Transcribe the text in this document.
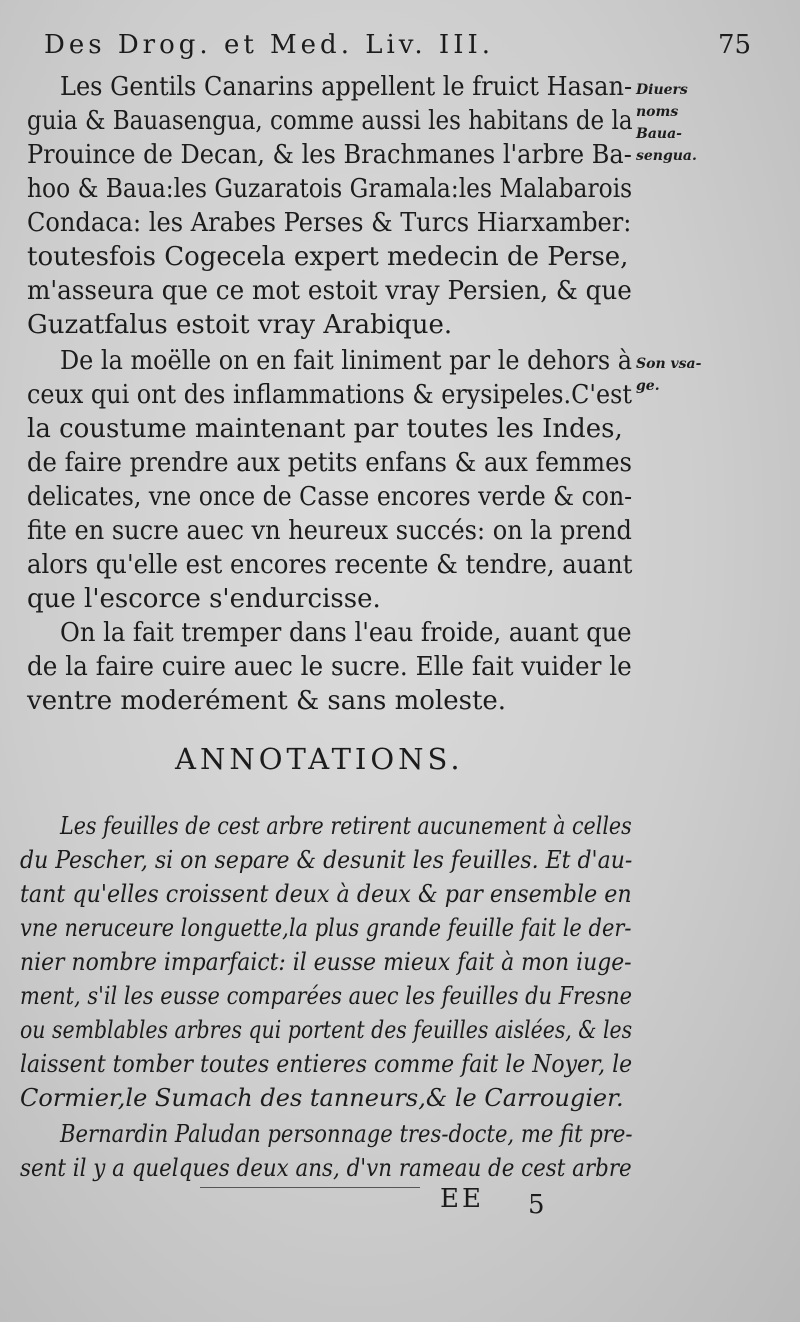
Des Drog. et Med. Liv. III.	75
Les Gentils Canarins appellent le fruict Hasan-
guia & Bauasengua, comme aussi les habitans de la
Prouince de Decan, & les Brachmanes l'arbre Ba-
hoo & Baua:les Guzaratois Gramala:les Malabarois
Condaca: les Arabes Perses & Turcs Hiarxamber:
toutesfois Cogecela expert medecin de Perse,
m'asseura que ce mot estoit vray Persien, & que
Guzatfalus estoit vray Arabique.
De la moëlle on en fait liniment par le dehors à
ceux qui ont des inflammations & erysipeles.C'est
la coustume maintenant par toutes les Indes,
de faire prendre aux petits enfans & aux femmes
delicates, vne once de Casse encores verde & con-
fite en sucre auec vn heureux succés: on la prend
alors qu'elle est encores recente & tendre, auant
que l'escorce s'endurcisse.
On la fait tremper dans l'eau froide, auant que
de la faire cuire auec le sucre. Elle fait vuider le
ventre moderément & sans moleste.
Diuers
noms
Baua-
sengua.
Son vsa-
ge.
ANNOTATIONS.
Les feuilles de cest arbre retirent aucunement à celles
du Pescher, si on separe & desunit les feuilles. Et d'au-
tant qu'elles croissent deux à deux & par ensemble en
vne neruceure longuette,la plus grande feuille fait le der-
nier nombre imparfaict: il eusse mieux fait à mon iuge-
ment, s'il les eusse comparées auec les feuilles du Fresne
ou semblables arbres qui portent des feuilles aislées, & les
laissent tomber toutes entieres comme fait le Noyer, le
Cormier,le Sumach des tanneurs,& le Carrougier.
Bernardin Paludan personnage tres-docte, me fit pre-
sent il y a quelques deux ans, d'vn rameau de cest arbre
EE 5
